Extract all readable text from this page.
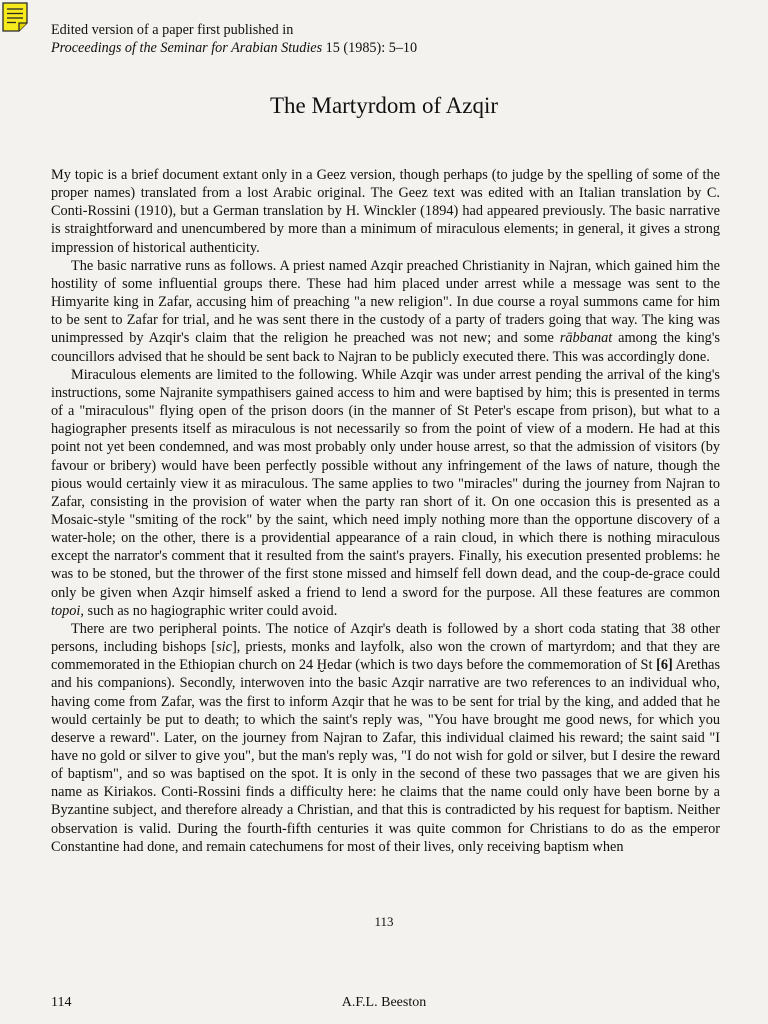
Edited version of a paper first published in
Proceedings of the Seminar for Arabian Studies 15 (1985): 5–10
The Martyrdom of Azqir

My topic is a brief document extant only in a Geez version, though perhaps (to judge by the spelling of some of the proper names) translated from a lost Arabic original. The Geez text was edited with an Italian translation by C. Conti-Rossini (1910), but a German translation by H. Winckler (1894) had appeared previously. The basic narrative is straightforward and unencumbered by more than a minimum of miraculous elements; in general, it gives a strong impression of historical authenticity.

The basic narrative runs as follows. A priest named Azqir preached Christianity in Najran, which gained him the hostility of some influential groups there. These had him placed under arrest while a message was sent to the Himyarite king in Zafar, accusing him of preaching "a new religion". In due course a royal summons came for him to be sent to Zafar for trial, and he was sent there in the custody of a party of traders going that way. The king was unimpressed by Azqir's claim that the religion he preached was not new; and some rābbanat among the king's councillors advised that he should be sent back to Najran to be publicly executed there. This was accordingly done.

Miraculous elements are limited to the following. While Azqir was under arrest pending the arrival of the king's instructions, some Najranite sympathisers gained access to him and were baptised by him; this is presented in terms of a "miraculous" flying open of the prison doors (in the manner of St Peter's escape from prison), but what to a hagiographer presents itself as miraculous is not necessarily so from the point of view of a modern. He had at this point not yet been condemned, and was most probably only under house arrest, so that the admission of visitors (by favour or bribery) would have been perfectly possible without any infringement of the laws of nature, though the pious would certainly view it as miraculous. The same applies to two "miracles" during the journey from Najran to Zafar, consisting in the provision of water when the party ran short of it. On one occasion this is presented as a Mosaic-style "smiting of the rock" by the saint, which need imply nothing more than the opportune discovery of a water-hole; on the other, there is a providential appearance of a rain cloud, in which there is nothing miraculous except the narrator's comment that it resulted from the saint's prayers. Finally, his execution presented problems: he was to be stoned, but the thrower of the first stone missed and himself fell down dead, and the coup-de-grace could only be given when Azqir himself asked a friend to lend a sword for the purpose. All these features are common topoi, such as no hagiographic writer could avoid.

There are two peripheral points. The notice of Azqir's death is followed by a short coda stating that 38 other persons, including bishops [sic], priests, monks and layfolk, also won the crown of martyrdom; and that they are commemorated in the Ethiopian church on 24 Ḫedar (which is two days before the commemoration of St [6] Arethas and his companions). Secondly, interwoven into the basic Azqir narrative are two references to an individual who, having come from Zafar, was the first to inform Azqir that he was to be sent for trial by the king, and added that he would certainly be put to death; to which the saint's reply was, "You have brought me good news, for which you deserve a reward". Later, on the journey from Najran to Zafar, this individual claimed his reward; the saint said "I have no gold or silver to give you", but the man's reply was, "I do not wish for gold or silver, but I desire the reward of baptism", and so was baptised on the spot. It is only in the second of these two passages that we are given his name as Kiriakos. Conti-Rossini finds a difficulty here: he claims that the name could only have been borne by a Byzantine subject, and therefore already a Christian, and that this is contradicted by his request for baptism. Neither observation is valid. During the fourth-fifth centuries it was quite common for Christians to do as the emperor Constantine had done, and remain catechumens for most of their lives, only receiving baptism when

113
114	A.F.L. Beeston
